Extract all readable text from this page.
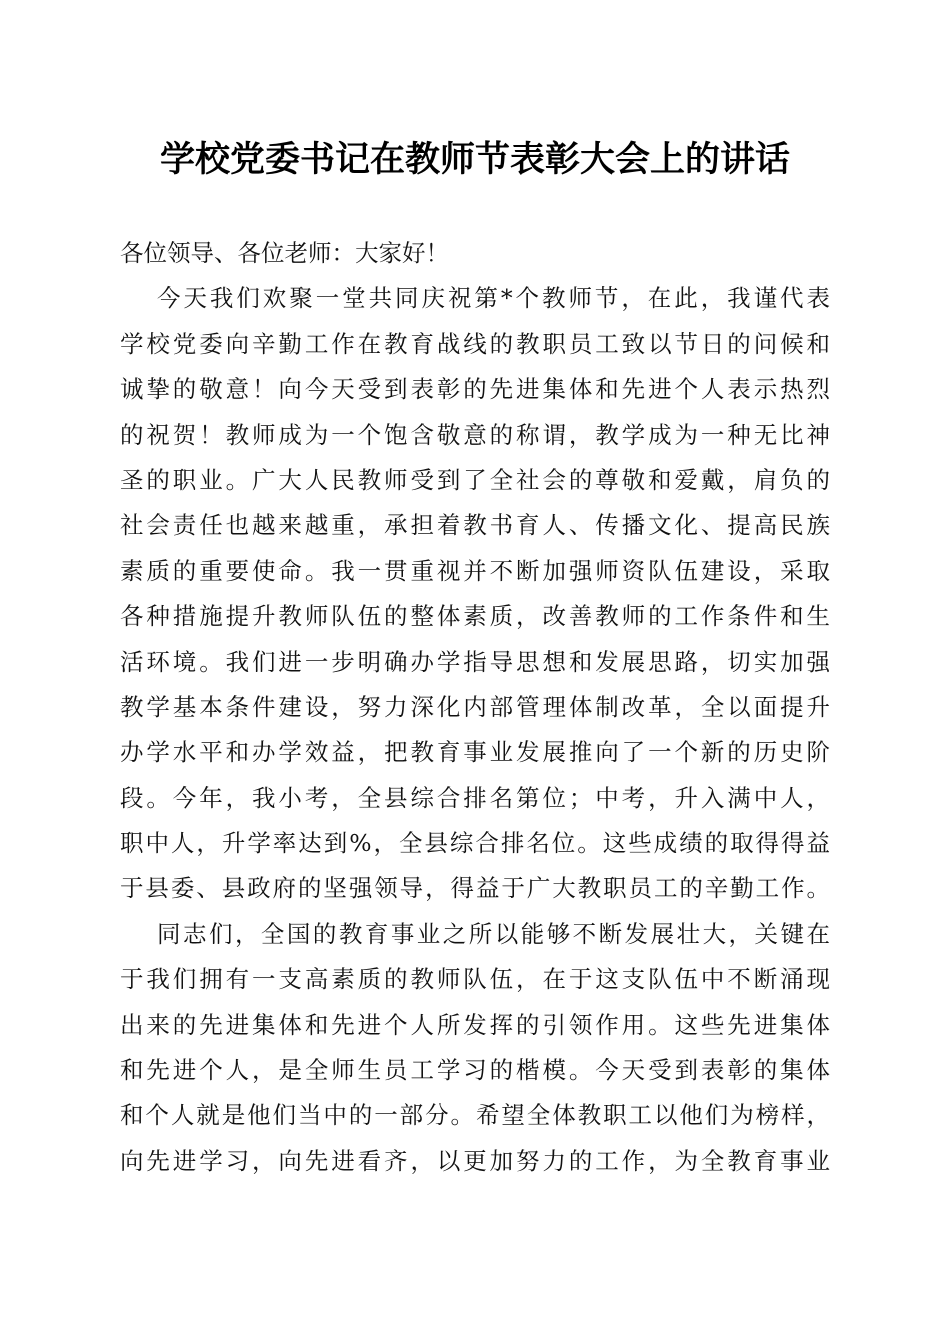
学校党委书记在教师节表彰大会上的讲话

各位领导、各位老师：大家好！

今天我们欢聚一堂共同庆祝第*个教师节，在此，我谨代表

学校党委向辛勤工作在教育战线的教职员工致以节日的问候和

诚挚的敬意！向今天受到表彰的先进集体和先进个人表示热烈

的祝贺！教师成为一个饱含敬意的称谓，教学成为一种无比神

圣的职业。广大人民教师受到了全社会的尊敬和爱戴，肩负的

社会责任也越来越重，承担着教书育人、传播文化、提高民族

素质的重要使命。我一贯重视并不断加强师资队伍建设，采取

各种措施提升教师队伍的整体素质，改善教师的工作条件和生

活环境。我们进一步明确办学指导思想和发展思路，切实加强

教学基本条件建设，努力深化内部管理体制改革，全以面提升

办学水平和办学效益，把教育事业发展推向了一个新的历史阶

段。今年，我小考，全县综合排名第位；中考，升入满中人，

职中人，升学率达到%，全县综合排名位。这些成绩的取得得益

于县委、县政府的坚强领导，得益于广大教职员工的辛勤工作。

同志们，全国的教育事业之所以能够不断发展壮大，关键在

于我们拥有一支高素质的教师队伍，在于这支队伍中不断涌现

出来的先进集体和先进个人所发挥的引领作用。这些先进集体

和先进个人，是全师生员工学习的楷模。今天受到表彰的集体

和个人就是他们当中的一部分。希望全体教职工以他们为榜样，

向先进学习，向先进看齐，以更加努力的工作，为全教育事业
